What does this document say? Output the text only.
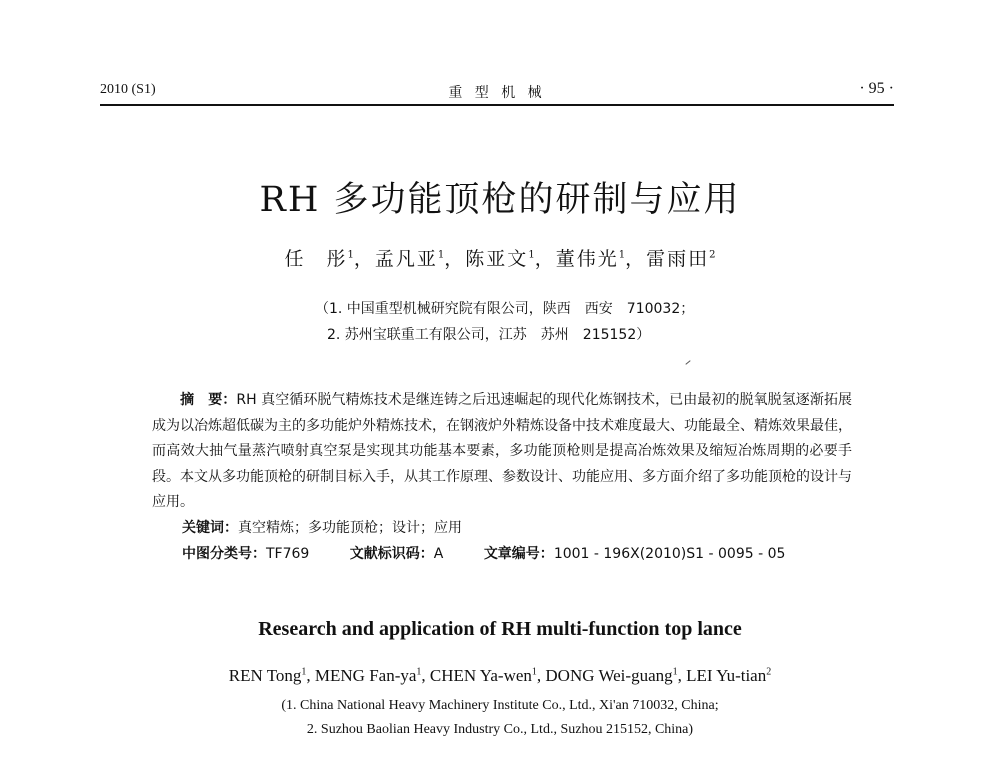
2010 (S1)	重 型 机 械	· 95 ·
RH 多功能顶枪的研制与应用
任　彤$^1$，孟凡亚$^1$，陈亚文$^1$，董伟光$^1$，雷雨田$^2$
（1. 中国重型机械研究院有限公司，陕西　西安　710032；
2. 苏州宝联重工有限公司，江苏　苏州　215152）
摘　要：RH 真空循环脱气精炼技术是继连铸之后迅速崛起的现代化炼钢技术，已由最初的脱氧脱氢逐渐拓展成为以冶炼超低碳为主的多功能炉外精炼技术，在钢液炉外精炼设备中技术难度最大、功能最全、精炼效果最佳，而高效大抽气量蒸汽喷射真空泵是实现其功能基本要素，多功能顶枪则是提高冶炼效果及缩短冶炼周期的必要手段。本文从多功能顶枪的研制目标入手，从其工作原理、参数设计、功能应用、多方面介绍了多功能顶枪的设计与应用。
关键词：真空精炼；多功能顶枪；设计；应用
中图分类号：TF769	文献标识码：A	文章编号：1001 - 196X(2010)S1 - 0095 - 05
Research and application of RH multi-function top lance
REN Tong$^1$, MENG Fan-$ya^1$, CHEN Ya-wen$^1$, DONG Wei-guang$^1$, LEI Yu-tian$^2$
(1. China National Heavy Machinery Institute Co., Ltd., Xi'an 710032, China;
2. Suzhou Baolian Heavy Industry Co., Ltd., Suzhou 215152, China)
